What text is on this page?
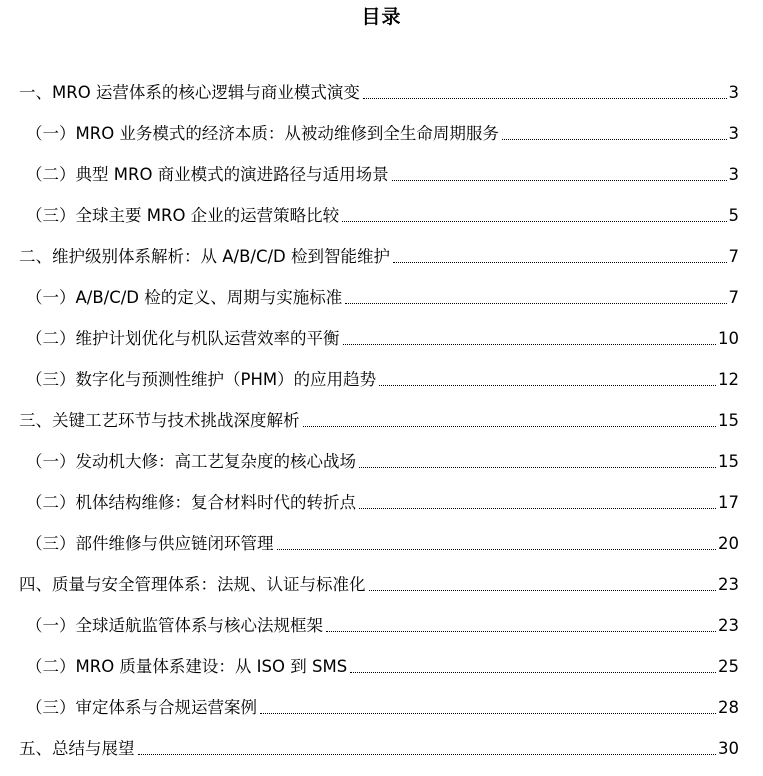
目录
一、MRO 运营体系的核心逻辑与商业模式演变	3
（一）MRO 业务模式的经济本质：从被动维修到全生命周期服务	3
（二）典型 MRO 商业模式的演进路径与适用场景	3
（三）全球主要 MRO 企业的运营策略比较	5
二、维护级别体系解析：从 A/B/C/D 检到智能维护	7
（一）A/B/C/D 检的定义、周期与实施标准	7
（二）维护计划优化与机队运营效率的平衡	10
（三）数字化与预测性维护（PHM）的应用趋势	12
三、关键工艺环节与技术挑战深度解析	15
（一）发动机大修：高工艺复杂度的核心战场	15
（二）机体结构维修：复合材料时代的转折点	17
（三）部件维修与供应链闭环管理	20
四、质量与安全管理体系：法规、认证与标准化	23
（一）全球适航监管体系与核心法规框架	23
（二）MRO 质量体系建设：从 ISO 到 SMS	25
（三）审定体系与合规运营案例	28
五、总结与展望	30
